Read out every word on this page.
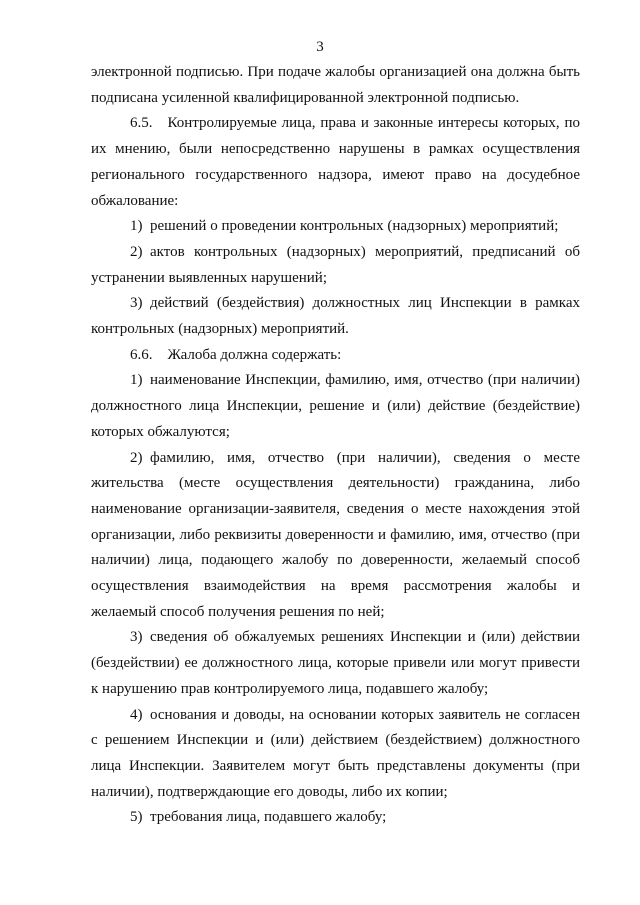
3

электронной подписью. При подаче жалобы организацией она должна быть подписана усиленной квалифицированной электронной подписью.

6.5. Контролируемые лица, права и законные интересы которых, по их мнению, были непосредственно нарушены в рамках осуществления регионального государственного надзора, имеют право на досудебное обжалование:

1) решений о проведении контрольных (надзорных) мероприятий;

2) актов контрольных (надзорных) мероприятий, предписаний об устранении выявленных нарушений;

3) действий (бездействия) должностных лиц Инспекции в рамках контрольных (надзорных) мероприятий.

6.6. Жалоба должна содержать:

1) наименование Инспекции, фамилию, имя, отчество (при наличии) должностного лица Инспекции, решение и (или) действие (бездействие) которых обжалуются;

2) фамилию, имя, отчество (при наличии), сведения о месте жительства (месте осуществления деятельности) гражданина, либо наименование организации-заявителя, сведения о месте нахождения этой организации, либо реквизиты доверенности и фамилию, имя, отчество (при наличии) лица, подающего жалобу по доверенности, желаемый способ осуществления взаимодействия на время рассмотрения жалобы и желаемый способ получения решения по ней;

3) сведения об обжалуемых решениях Инспекции и (или) действии (бездействии) ее должностного лица, которые привели или могут привести к нарушению прав контролируемого лица, подавшего жалобу;

4) основания и доводы, на основании которых заявитель не согласен с решением Инспекции и (или) действием (бездействием) должностного лица Инспекции. Заявителем могут быть представлены документы (при наличии), подтверждающие его доводы, либо их копии;

5) требования лица, подавшего жалобу;
